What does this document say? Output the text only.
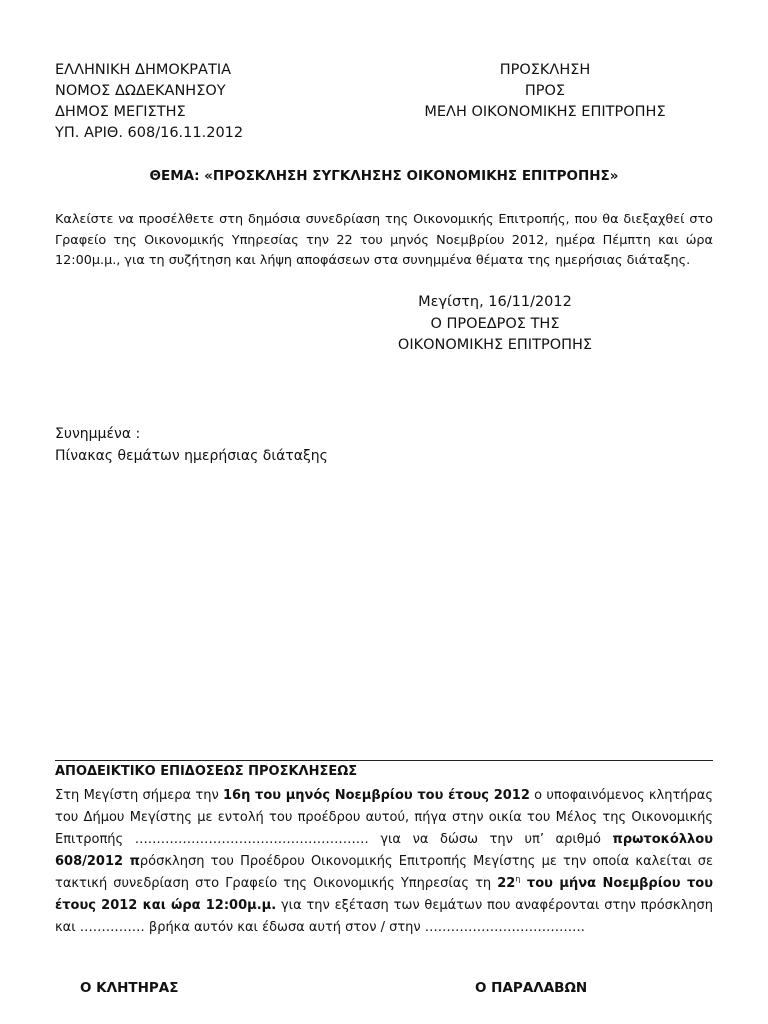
ΕΛΛΗΝΙΚΗ ΔΗΜΟΚΡΑΤΙΑ
ΝΟΜΟΣ ΔΩΔΕΚΑΝΗΣΟΥ
ΔΗΜΟΣ ΜΕΓΙΣΤΗΣ
ΥΠ. ΑΡΙΘ. 608/16.11.2012
ΠΡΟΣΚΛΗΣΗ
ΠΡΟΣ
ΜΕΛΗ ΟΙΚΟΝΟΜΙΚΗΣ ΕΠΙΤΡΟΠΗΣ
ΘΕΜΑ: «ΠΡΟΣΚΛΗΣΗ ΣΥΓΚΛΗΣΗΣ ΟΙΚΟΝΟΜΙΚΗΣ ΕΠΙΤΡΟΠΗΣ»
Καλείστε να προσέλθετε στη δημόσια συνεδρίαση της Οικονομικής Επιτροπής, που θα διεξαχθεί στο Γραφείο της Οικονομικής Υπηρεσίας την 22 του μηνός Νοεμβρίου 2012, ημέρα Πέμπτη και ώρα 12:00μ.μ., για τη συζήτηση και λήψη αποφάσεων στα συνημμένα θέματα της ημερήσιας διάταξης.
Μεγίστη, 16/11/2012
Ο ΠΡΟΕΔΡΟΣ ΤΗΣ
ΟΙΚΟΝΟΜΙΚΗΣ ΕΠΙΤΡΟΠΗΣ
Συνημμένα :
Πίνακας θεμάτων ημερήσιας διάταξης
ΑΠΟΔΕΙΚΤΙΚΟ ΕΠΙΔΟΣΕΩΣ ΠΡΟΣΚΛΗΣΕΩΣ
Στη Μεγίστη σήμερα την 16η του μηνός Νοεμβρίου του έτους 2012 ο υποφαινόμενος κλητήρας του Δήμου Μεγίστης με εντολή του προέδρου αυτού, πήγα στην οικία του Μέλος της Οικονομικής Επιτροπής ……………………………………………… για να δώσω την υπ’ αριθμό πρωτοκόλλου 608/2012 πρόσκληση του Προέδρου Οικονομικής Επιτροπής Μεγίστης με την οποία καλείται σε τακτική συνεδρίαση στο Γραφείο της Οικονομικής Υπηρεσίας τη $22^\eta$ του μήνα Νοεμβρίου του έτους 2012 και ώρα 12:00μ.μ. για την εξέταση των θεμάτων που αναφέρονται στην πρόσκληση και …………… βρήκα αυτόν και έδωσα αυτή στον / στην ……………………………….
Ο ΚΛΗΤΗΡΑΣ	Ο ΠΑΡΑΛΑΒΩΝ
